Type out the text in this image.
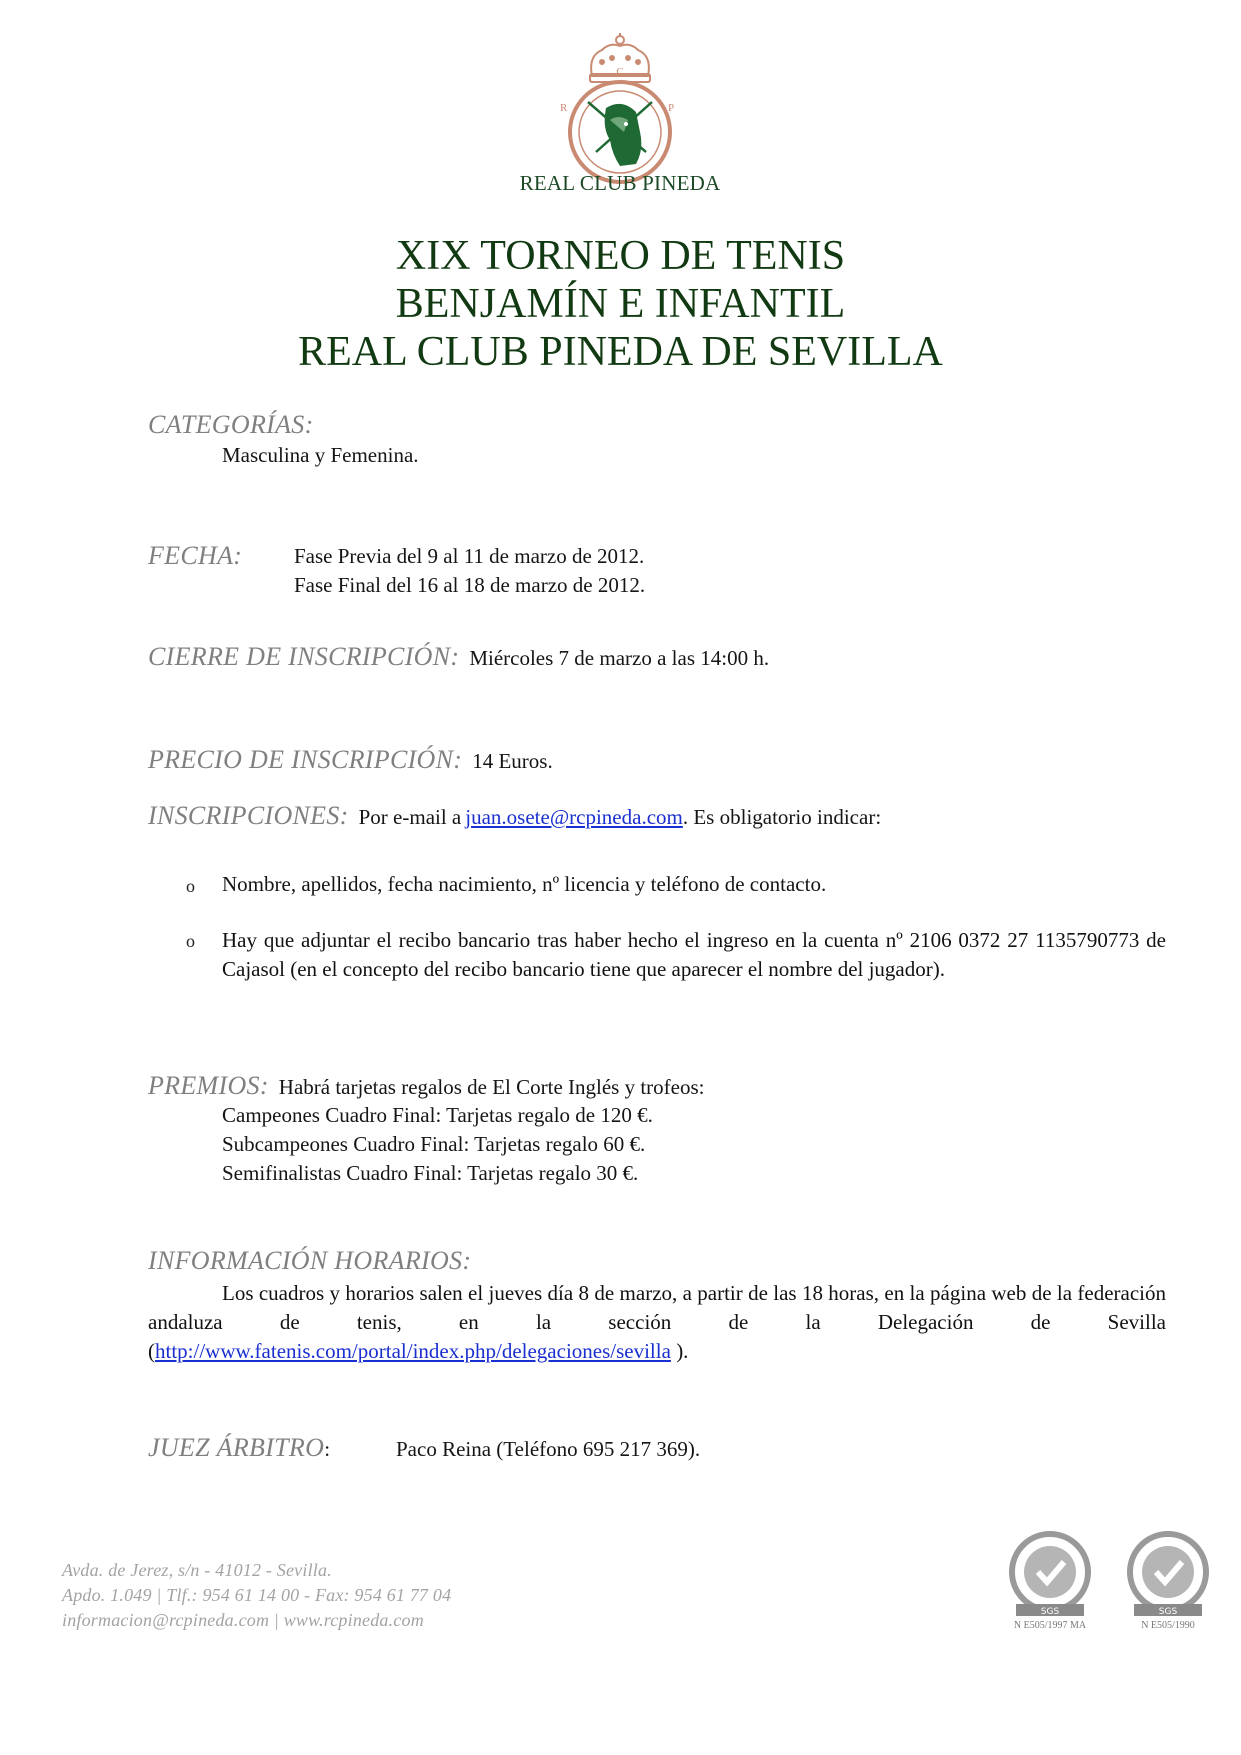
C
R	P
REAL CLUB PINEDA
XIX TORNEO DE TENIS
BENJAMÍN E INFANTIL
REAL CLUB PINEDA DE SEVILLA
CATEGORÍAS:
Masculina y Femenina.
FECHA: Fase Previa del 9 al 11 de marzo de 2012.
Fase Final del 16 al 18 de marzo de 2012.
CIERRE DE INSCRIPCIÓN: Miércoles 7 de marzo a las 14:00 h.
PRECIO DE INSCRIPCIÓN: 14 Euros.
INSCRIPCIONES: Por e-mail a juan.osete@rcpineda.com. Es obligatorio indicar:
o Nombre, apellidos, fecha nacimiento, nº licencia y teléfono de contacto.
o Hay que adjuntar el recibo bancario tras haber hecho el ingreso en la cuenta nº 2106 0372 27 1135790773 de Cajasol (en el concepto del recibo bancario tiene que aparecer el nombre del jugador).
PREMIOS: Habrá tarjetas regalos de El Corte Inglés y trofeos:
Campeones Cuadro Final: Tarjetas regalo de 120 €.
Subcampeones Cuadro Final: Tarjetas regalo 60 €.
Semifinalistas Cuadro Final: Tarjetas regalo 30 €.
INFORMACIÓN HORARIOS:
Los cuadros y horarios salen el jueves día 8 de marzo, a partir de las 18 horas, en la página web de la federación andaluza de tenis, en la sección de la Delegación de Sevilla (http://www.fatenis.com/portal/index.php/delegaciones/sevilla ).
JUEZ ÁRBITRO:	Paco Reina (Teléfono 695 217 369).
Avda. de Jerez, s/n - 41012 - Sevilla.
Apdo. 1.049 | Tlf.: 954 61 14 00 - Fax: 954 61 77 04
informacion@rcpineda.com | www.rcpineda.com	SGS
N E505/1997 MA
SGS
N E505/1990
